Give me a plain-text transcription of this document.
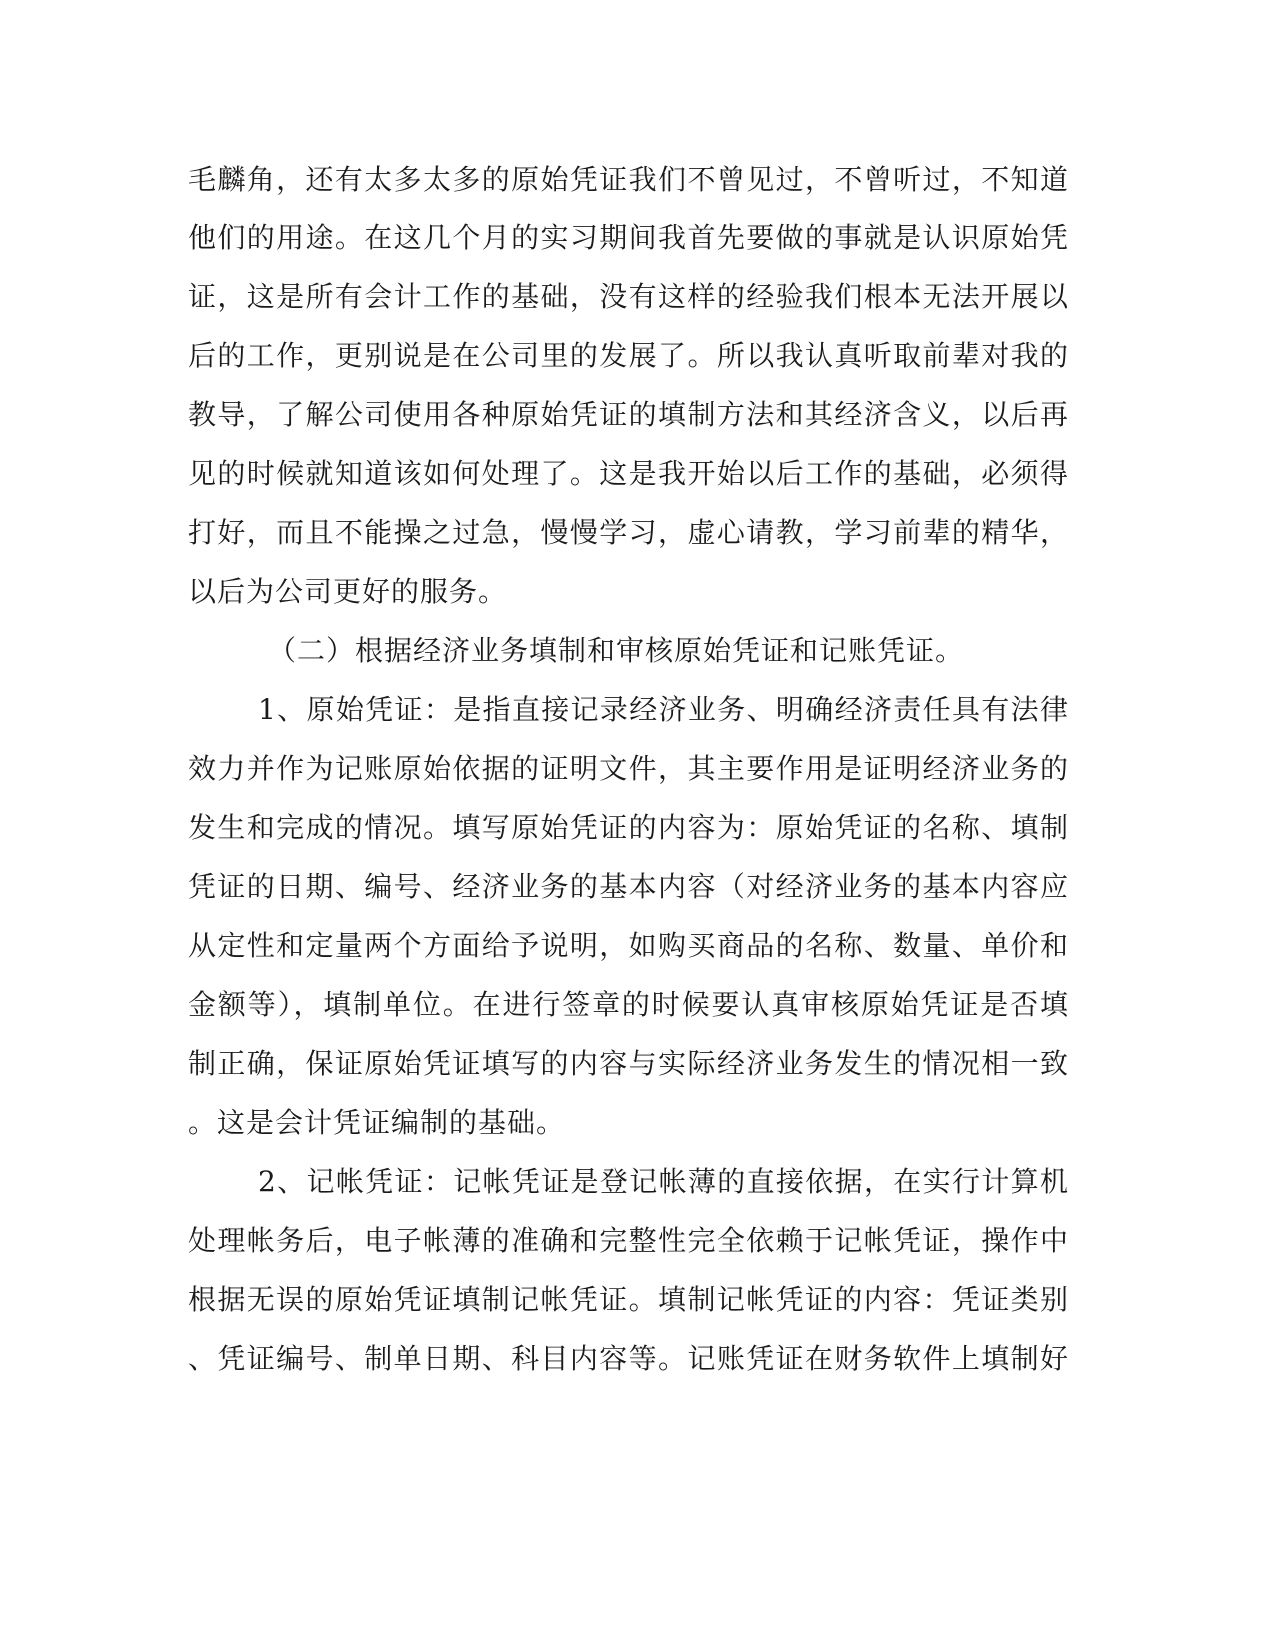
毛麟角，还有太多太多的原始凭证我们不曾见过，不曾听过，不知道
他们的用途。在这几个月的实习期间我首先要做的事就是认识原始凭
证，这是所有会计工作的基础，没有这样的经验我们根本无法开展以
后的工作，更别说是在公司里的发展了。所以我认真听取前辈对我的
教导，了解公司使用各种原始凭证的填制方法和其经济含义，以后再
见的时候就知道该如何处理了。这是我开始以后工作的基础，必须得
打好，而且不能操之过急，慢慢学习，虚心请教，学习前辈的精华，
以后为公司更好的服务。
（二）根据经济业务填制和审核原始凭证和记账凭证。
1、原始凭证：是指直接记录经济业务、明确经济责任具有法律
效力并作为记账原始依据的证明文件，其主要作用是证明经济业务的
发生和完成的情况。填写原始凭证的内容为：原始凭证的名称、填制
凭证的日期、编号、经济业务的基本内容（对经济业务的基本内容应
从定性和定量两个方面给予说明，如购买商品的名称、数量、单价和
金额等），填制单位。在进行签章的时候要认真审核原始凭证是否填
制正确，保证原始凭证填写的内容与实际经济业务发生的情况相一致
。这是会计凭证编制的基础。
2、记帐凭证：记帐凭证是登记帐薄的直接依据，在实行计算机
处理帐务后，电子帐薄的准确和完整性完全依赖于记帐凭证，操作中
根据无误的原始凭证填制记帐凭证。填制记帐凭证的内容：凭证类别
、凭证编号、制单日期、科目内容等。记账凭证在财务软件上填制好
